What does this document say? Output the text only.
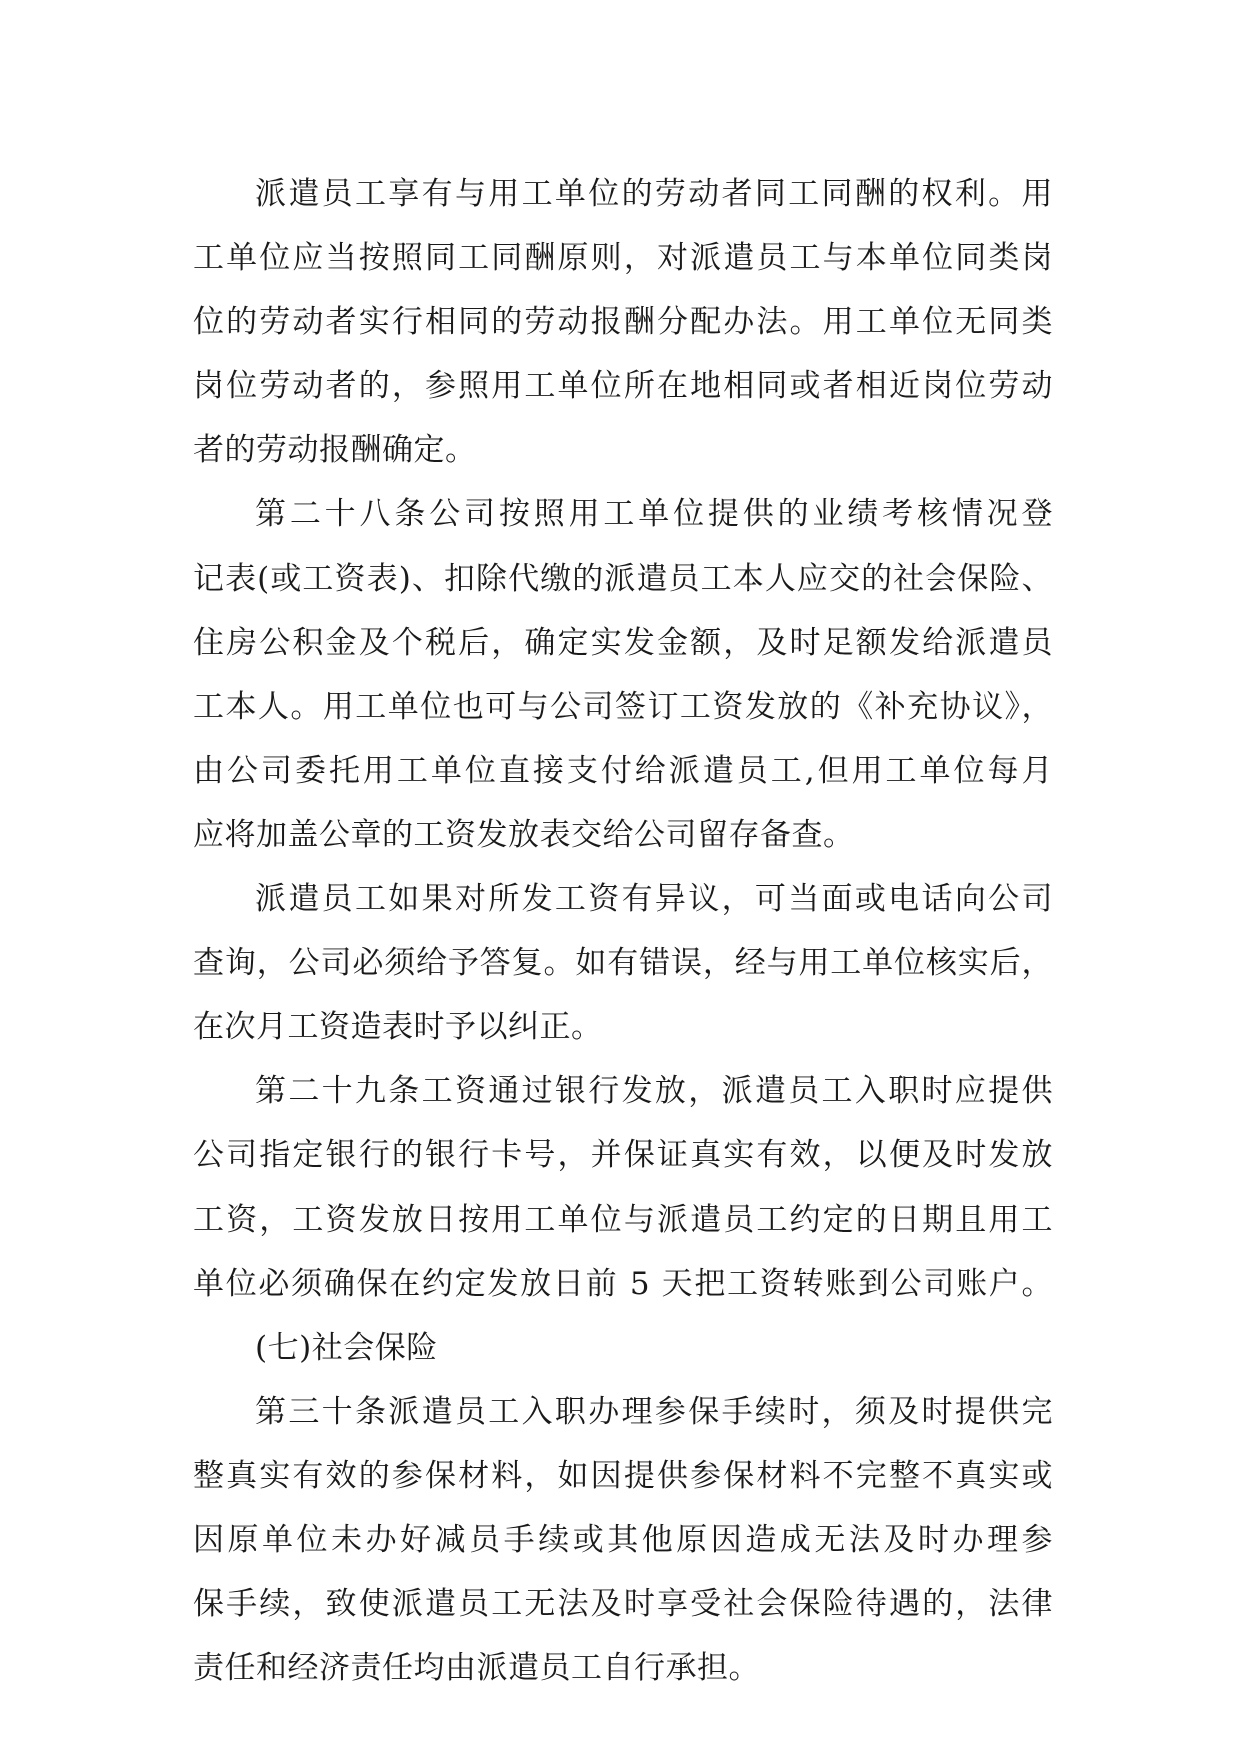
派遣员工享有与用工单位的劳动者同工同酬的权利。用
工单位应当按照同工同酬原则，对派遣员工与本单位同类岗
位的劳动者实行相同的劳动报酬分配办法。用工单位无同类
岗位劳动者的，参照用工单位所在地相同或者相近岗位劳动
者的劳动报酬确定。
第二十八条公司按照用工单位提供的业绩考核情况登
记表(或工资表)、扣除代缴的派遣员工本人应交的社会保险、
住房公积金及个税后，确定实发金额，及时足额发给派遣员
工本人。用工单位也可与公司签订工资发放的《补充协议》，
由公司委托用工单位直接支付给派遣员工,但用工单位每月
应将加盖公章的工资发放表交给公司留存备查。
派遣员工如果对所发工资有异议，可当面或电话向公司
查询，公司必须给予答复。如有错误，经与用工单位核实后，
在次月工资造表时予以纠正。
第二十九条工资通过银行发放，派遣员工入职时应提供
公司指定银行的银行卡号，并保证真实有效，以便及时发放
工资，工资发放日按用工单位与派遣员工约定的日期且用工
单位必须确保在约定发放日前 5 天把工资转账到公司账户。
(七)社会保险
第三十条派遣员工入职办理参保手续时，须及时提供完
整真实有效的参保材料，如因提供参保材料不完整不真实或
因原单位未办好减员手续或其他原因造成无法及时办理参
保手续，致使派遣员工无法及时享受社会保险待遇的，法律
责任和经济责任均由派遣员工自行承担。
